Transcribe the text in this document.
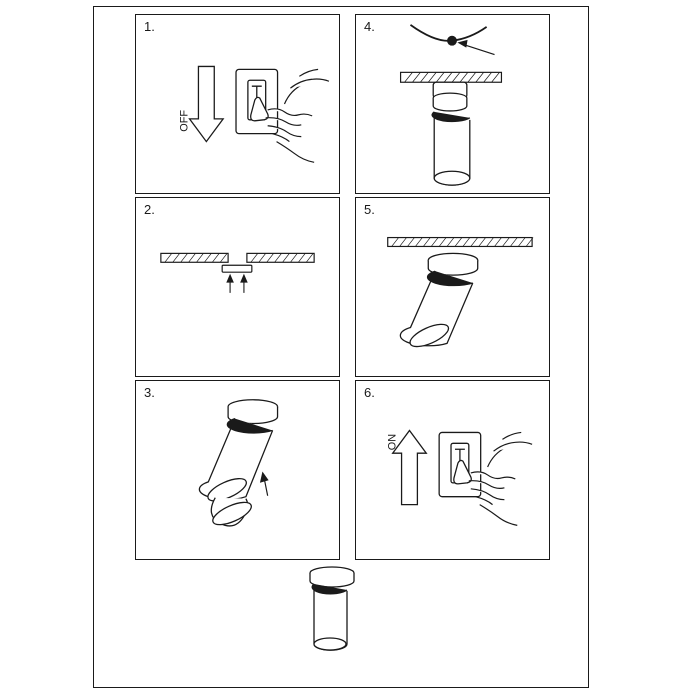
1.
OFF
2.
3.
4.
5.
6.
ON
